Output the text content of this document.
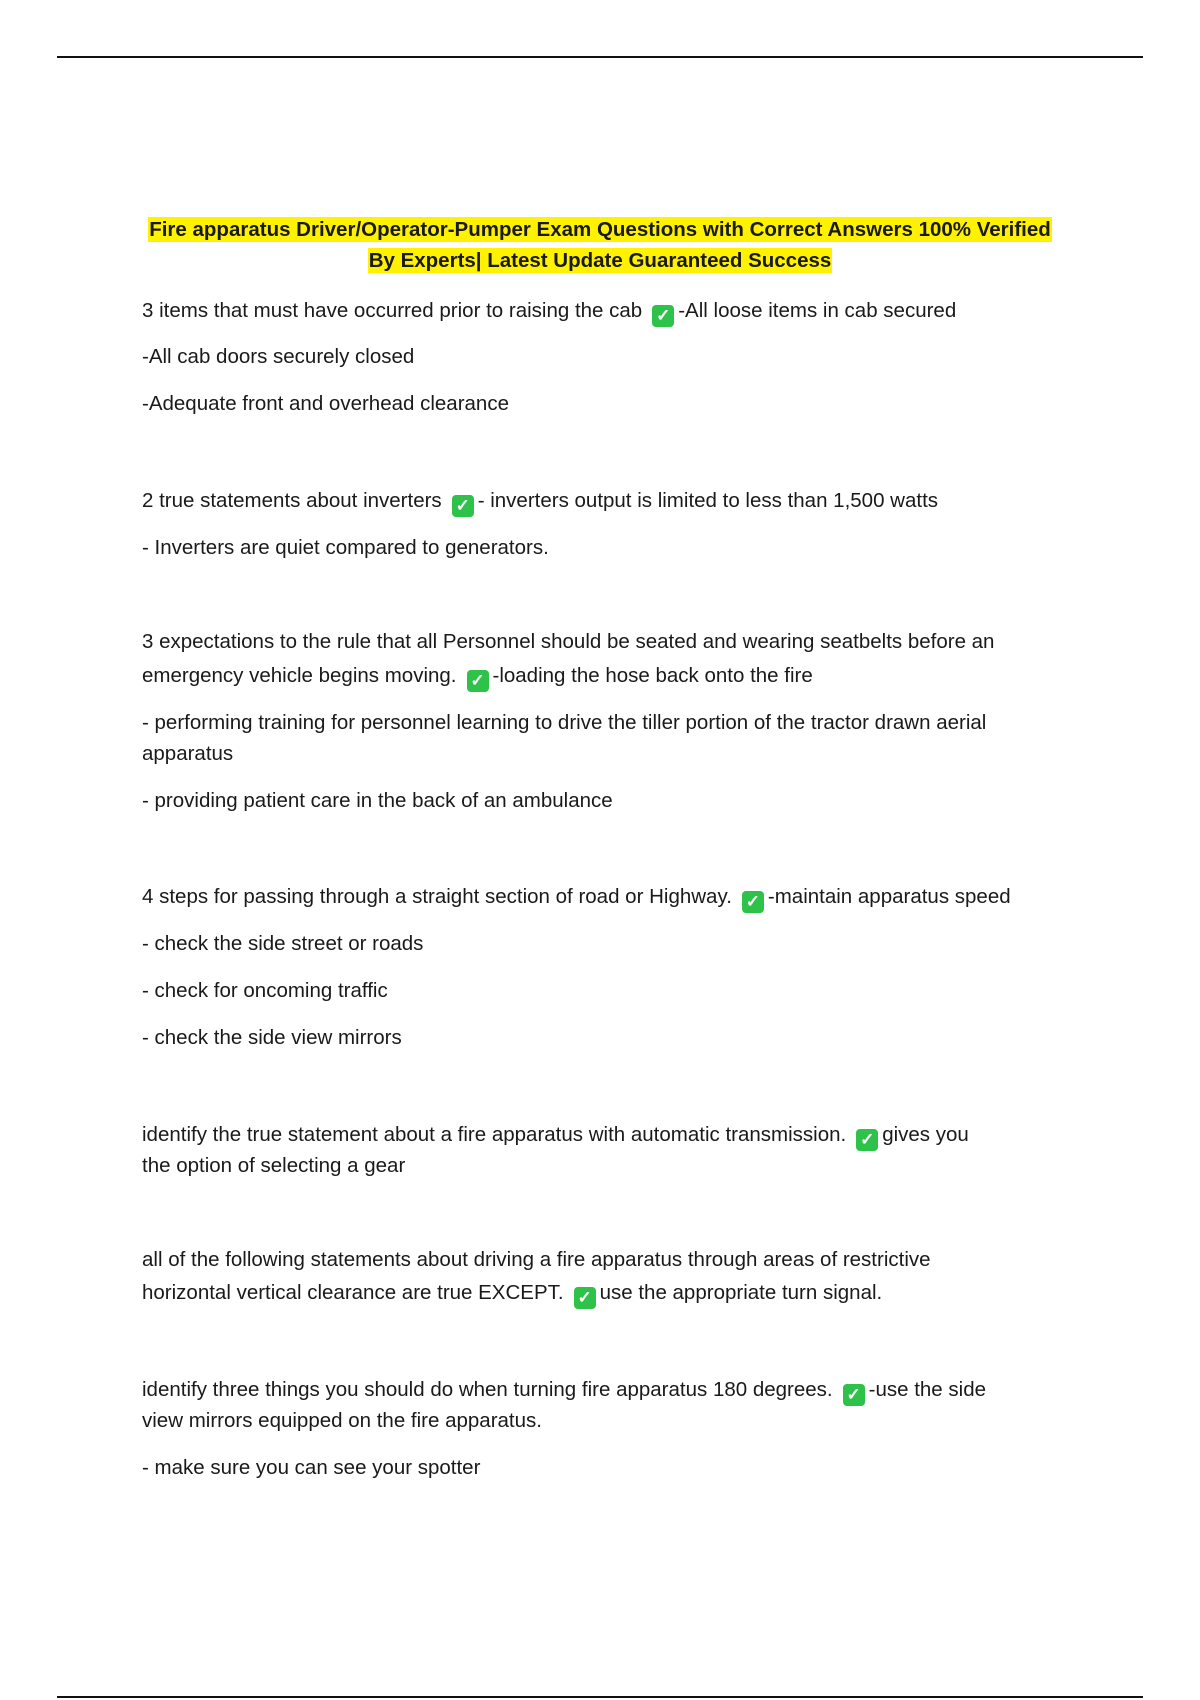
Fire apparatus Driver/Operator-Pumper Exam Questions with Correct Answers 100% Verified
By Experts| Latest Update Guaranteed Success
3 items that must have occurred prior to raising the cab ✓ -All loose items in cab secured
-All cab doors securely closed
-Adequate front and overhead clearance
2 true statements about inverters ✓ - inverters output is limited to less than 1,500 watts
- Inverters are quiet compared to generators.
3 expectations to the rule that all Personnel should be seated and wearing seatbelts before an
emergency vehicle begins moving. ✓ -loading the hose back onto the fire
- performing training for personnel learning to drive the tiller portion of the tractor drawn aerial
apparatus
- providing patient care in the back of an ambulance
4 steps for passing through a straight section of road or Highway. ✓ -maintain apparatus speed
- check the side street or roads
- check for oncoming traffic
- check the side view mirrors
identify the true statement about a fire apparatus with automatic transmission. ✓ gives you
the option of selecting a gear
all of the following statements about driving a fire apparatus through areas of restrictive
horizontal vertical clearance are true EXCEPT. ✓ use the appropriate turn signal.
identify three things you should do when turning fire apparatus 180 degrees. ✓ -use the side
view mirrors equipped on the fire apparatus.
- make sure you can see your spotter
